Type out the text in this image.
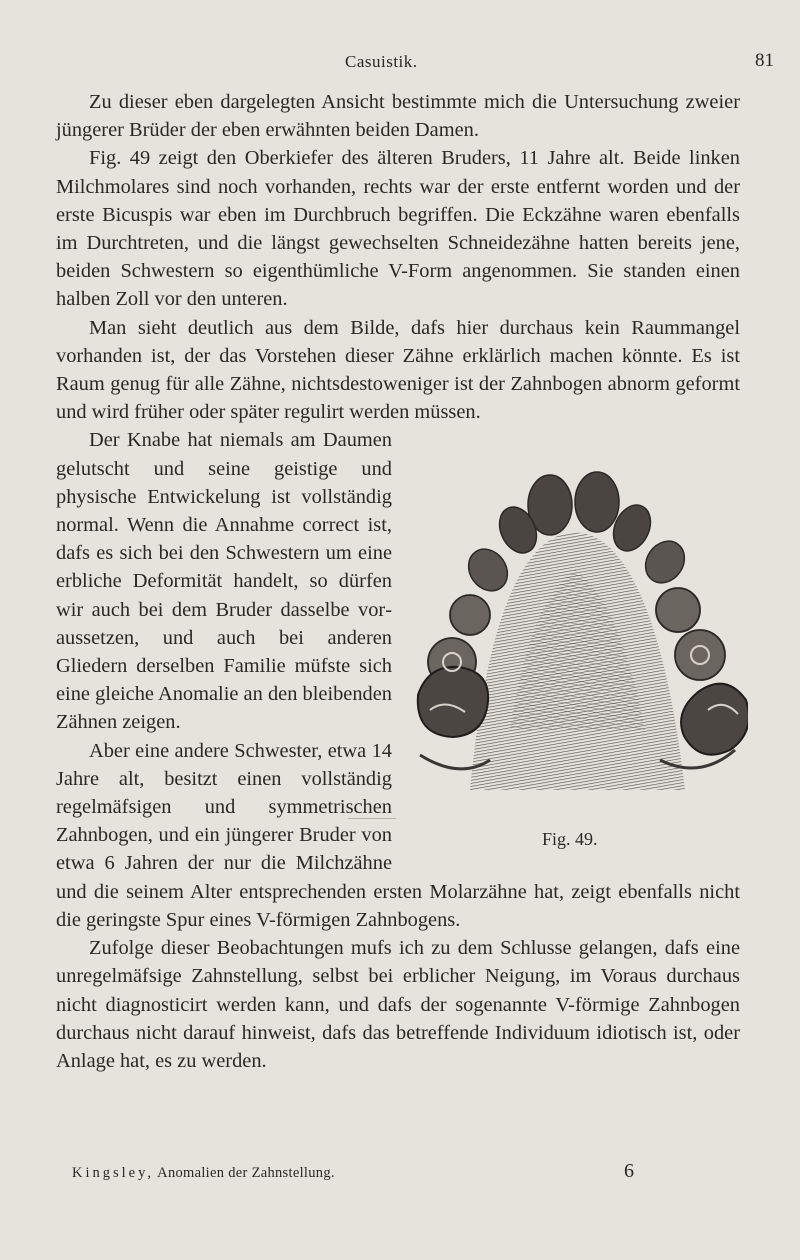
Casuistik.	81

Zu dieser eben dargelegten Ansicht bestimmte mich die Untersuchung zweier jüngerer Brüder der eben erwähnten beiden Damen.

Fig. 49 zeigt den Oberkiefer des älteren Bruders, 11 Jahre alt. Beide linken Milchmolares sind noch vorhanden, rechts war der erste entfernt worden und der erste Bicuspis war eben im Durchbruch begriffen. Die Eckzähne waren ebenfalls im Durchtreten, und die längst gewechselten Schneidezähne hatten bereits jene, beiden Schwestern so eigenthümliche V-Form angenommen. Sie standen einen halben Zoll vor den unteren.

Man sieht deutlich aus dem Bilde, dafs hier durchaus kein Raummangel vorhanden ist, der das Vorstehen dieser Zähne erklärlich machen könnte. Es ist Raum genug für alle Zähne, nichtsdestoweniger ist der Zahnbogen abnorm geformt und wird früher oder später regulirt werden müssen.

Fig. 49.

Der Knabe hat niemals am Daumen gelutscht und seine geistige und physische Entwickelung ist vollständig normal. Wenn die Annahme correct ist, dafs es sich bei den Schwestern um eine erbliche Deformität handelt, so dürfen wir auch bei dem Bruder dasselbe voraussetzen, und auch bei anderen Gliedern derselben Familie müfste sich eine gleiche Anomalie an den bleibenden Zähnen zeigen.

Aber eine andere Schwester, etwa 14 Jahre alt, besitzt einen vollständig regelmäfsigen und symmetrischen Zahnbogen, und ein jüngerer Bruder von etwa 6 Jahren der nur die Milchzähne und die seinem Alter entsprechenden ersten Molarzähne hat, zeigt ebenfalls nicht die geringste Spur eines V-förmigen Zahnbogens.

Zufolge dieser Beobachtungen mufs ich zu dem Schlusse gelangen, dafs eine unregelmäfsige Zahnstellung, selbst bei erblicher Neigung, im Voraus durchaus nicht diagnosticirt werden kann, und dafs der sogenannte V-förmige Zahnbogen durchaus nicht darauf hinweist, dafs das betreffende Individuum idiotisch ist, oder Anlage hat, es zu werden.

Kingsley, Anomalien der Zahnstellung.	6
